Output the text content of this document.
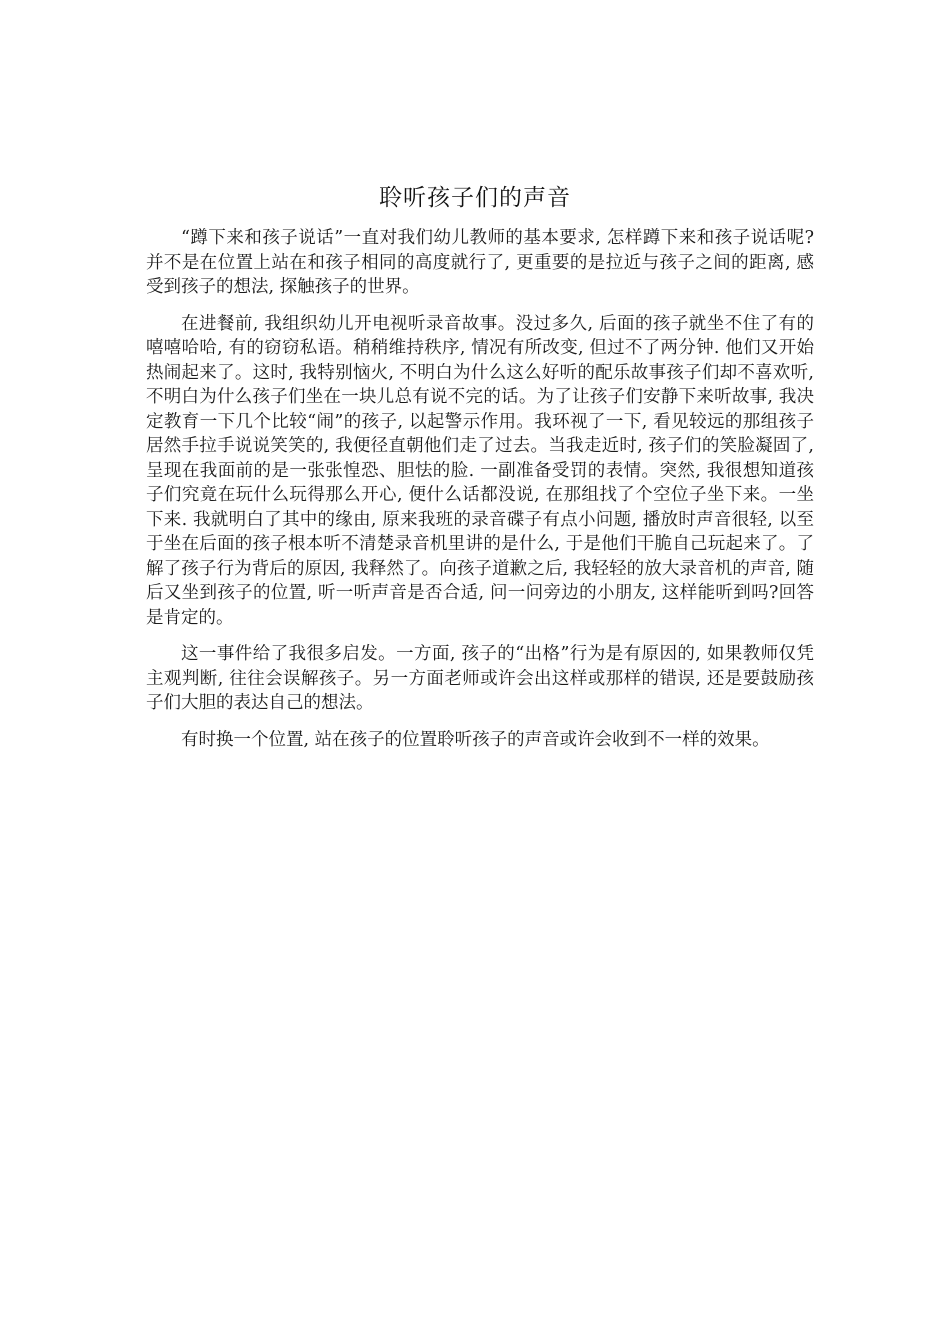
聆听孩子们的声音

“蹲下来和孩子说话”一直对我们幼儿教师的基本要求, 怎样蹲下来和孩子说话呢?并不是在位置上站在和孩子相同的高度就行了, 更重要的是拉近与孩子之间的距离, 感受到孩子的想法, 探触孩子的世界。

在进餐前, 我组织幼儿开电视听录音故事。没过多久, 后面的孩子就坐不住了有的嘻嘻哈哈, 有的窃窃私语。稍稍维持秩序, 情况有所改变, 但过不了两分钟. 他们又开始热闹起来了。这时, 我特别恼火, 不明白为什么这么好听的配乐故事孩子们却不喜欢听, 不明白为什么孩子们坐在一块儿总有说不完的话。为了让孩子们安静下来听故事, 我决定教育一下几个比较“闹”的孩子, 以起警示作用。我环视了一下, 看见较远的那组孩子居然手拉手说说笑笑的, 我便径直朝他们走了过去。当我走近时, 孩子们的笑脸凝固了, 呈现在我面前的是一张张惶恐、胆怯的脸. 一副准备受罚的表情。突然, 我很想知道孩子们究竟在玩什么玩得那么开心, 便什么话都没说, 在那组找了个空位子坐下来。一坐下来. 我就明白了其中的缘由, 原来我班的录音碟子有点小问题, 播放时声音很轻, 以至于坐在后面的孩子根本听不清楚录音机里讲的是什么, 于是他们干脆自己玩起来了。了解了孩子行为背后的原因, 我释然了。向孩子道歉之后, 我轻轻的放大录音机的声音, 随后又坐到孩子的位置, 听一听声音是否合适, 问一问旁边的小朋友, 这样能听到吗?回答是肯定的。

这一事件给了我很多启发。一方面, 孩子的“出格”行为是有原因的, 如果教师仅凭主观判断, 往往会误解孩子。另一方面老师或许会出这样或那样的错误, 还是要鼓励孩子们大胆的表达自己的想法。

有时换一个位置, 站在孩子的位置聆听孩子的声音或许会收到不一样的效果。
